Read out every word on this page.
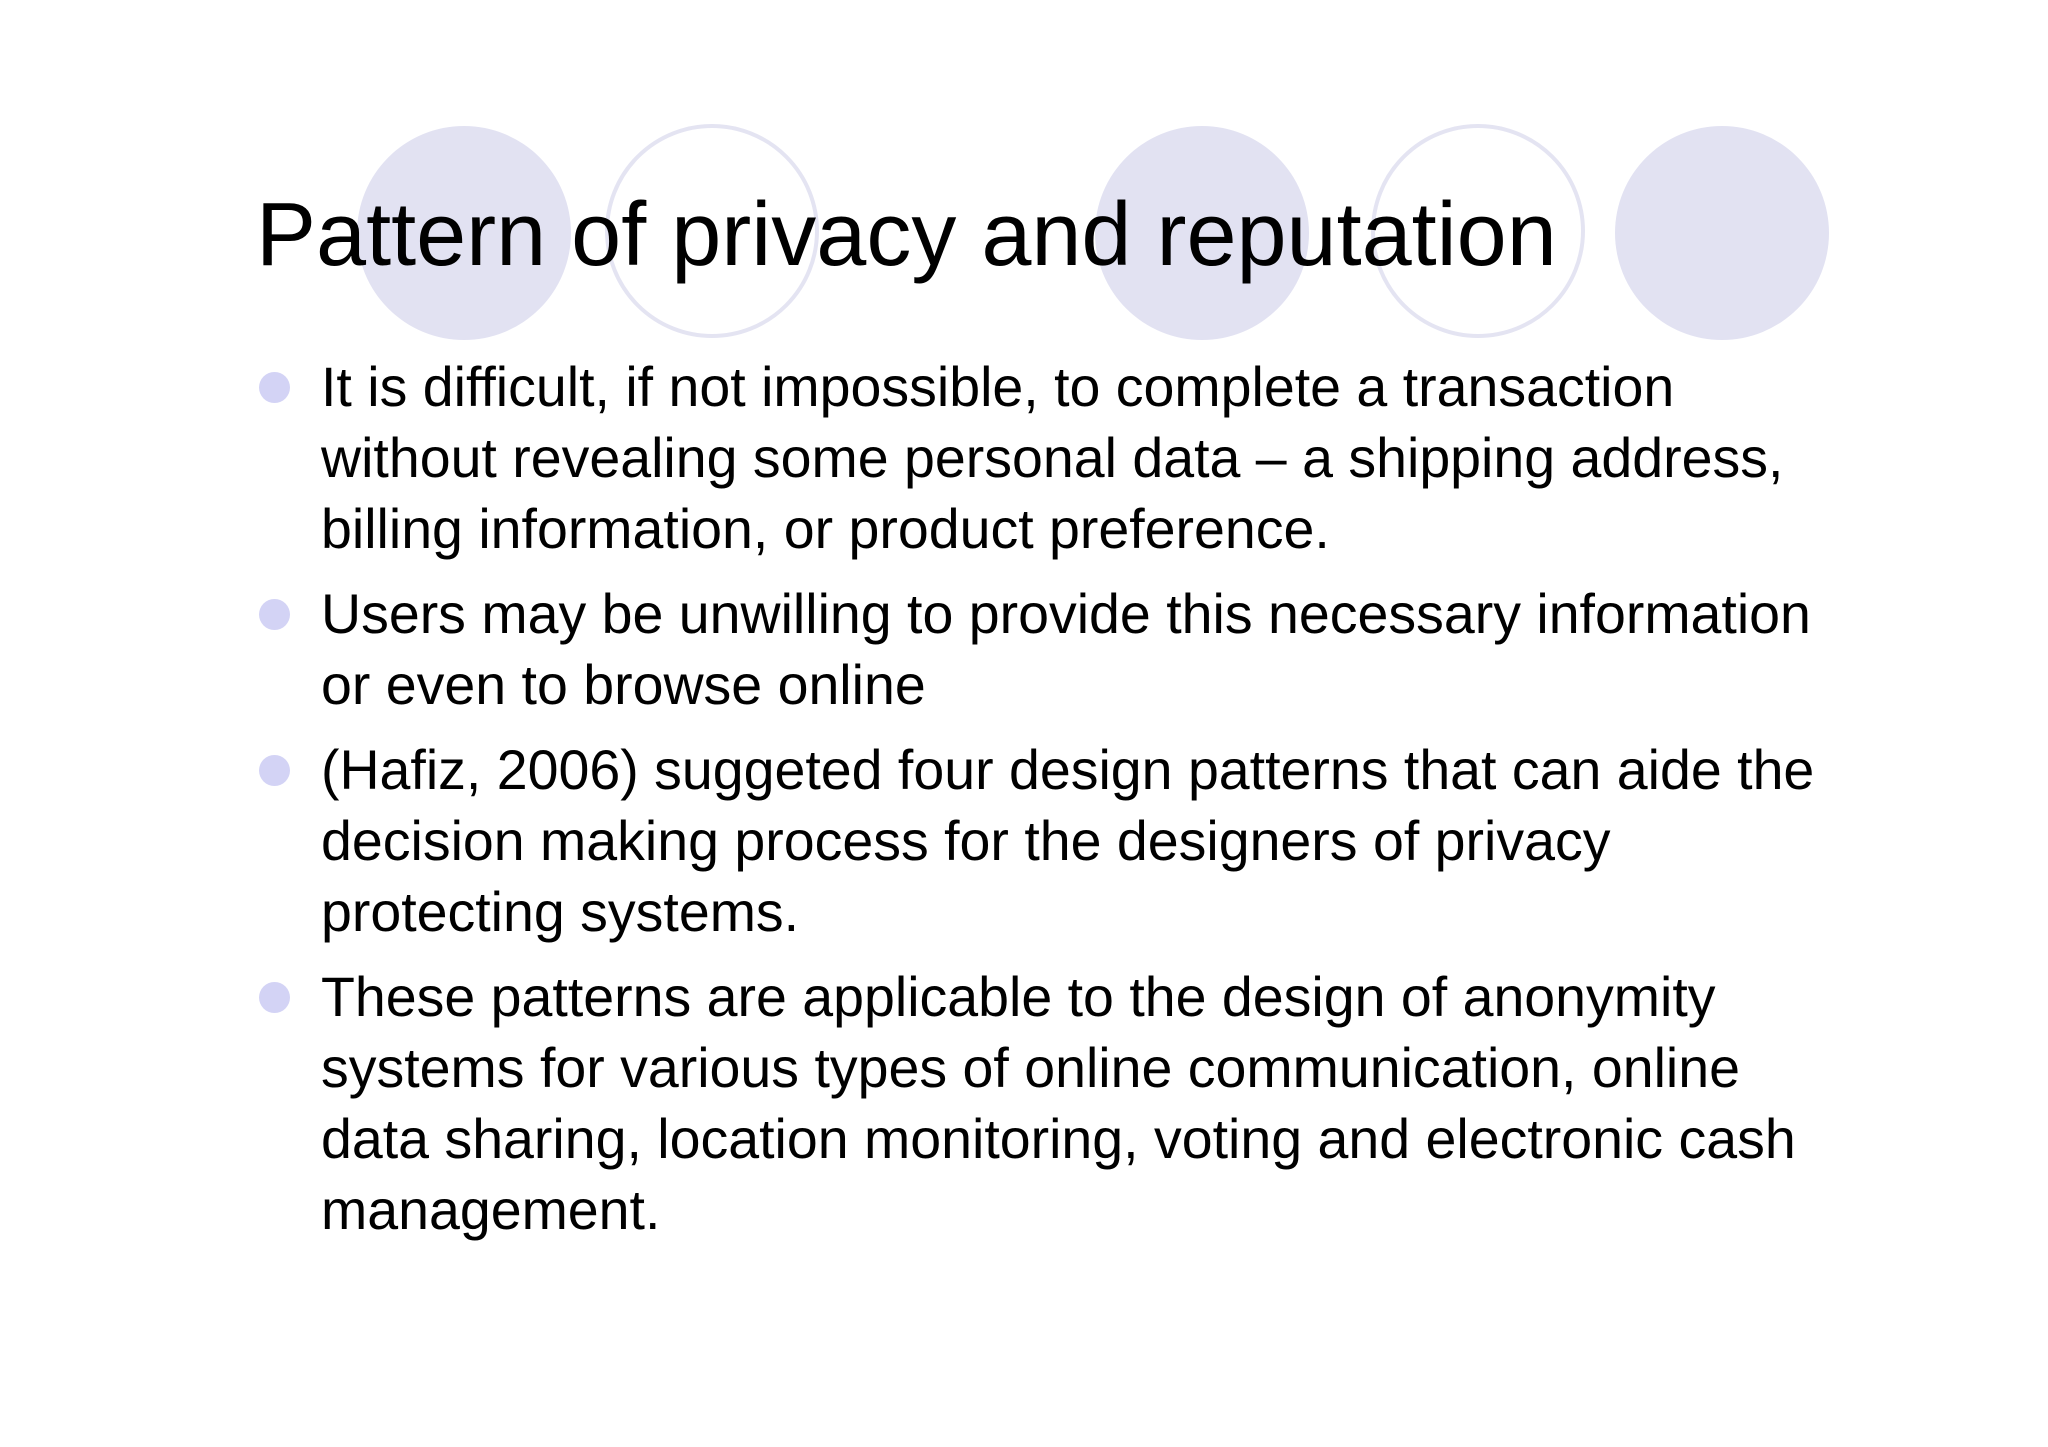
Pattern of privacy and reputation
It is difficult, if not impossible, to complete a transaction without revealing some personal data – a shipping address, billing information, or product preference.
Users may be unwilling to provide this necessary information or even to browse online
(Hafiz, 2006) suggeted four design patterns that can aide the decision making process for the designers of privacy protecting systems.
These patterns are applicable to the design of anonymity systems for various types of online communication, online data sharing, location monitoring, voting and electronic cash management.
